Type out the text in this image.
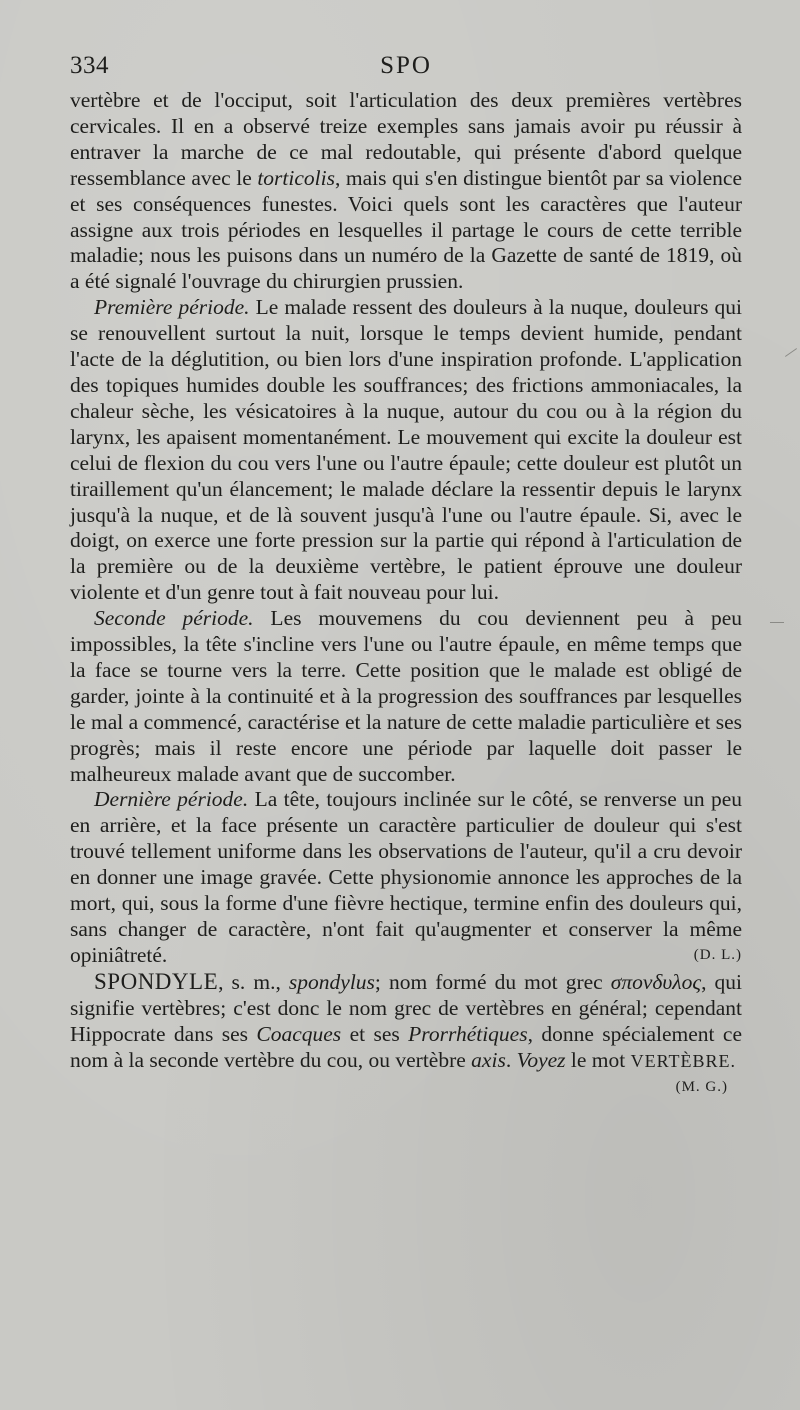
334	SPO

vertèbre et de l'occiput, soit l'articulation des deux premières vertèbres cervicales. Il en a observé treize exemples sans jamais avoir pu réussir à entraver la marche de ce mal redoutable, qui présente d'abord quelque ressemblance avec le torticolis, mais qui s'en distingue bientôt par sa violence et ses conséquences funestes. Voici quels sont les caractères que l'auteur assigne aux trois périodes en lesquelles il partage le cours de cette terrible maladie; nous les puisons dans un numéro de la Gazette de santé de 1819, où a été signalé l'ouvrage du chirurgien prussien.

Première période. Le malade ressent des douleurs à la nuque, douleurs qui se renouvellent surtout la nuit, lorsque le temps devient humide, pendant l'acte de la déglutition, ou bien lors d'une inspiration profonde. L'application des topiques humides double les souffrances; des frictions ammoniacales, la chaleur sèche, les vésicatoires à la nuque, autour du cou ou à la région du larynx, les apaisent momentanément. Le mouvement qui excite la douleur est celui de flexion du cou vers l'une ou l'autre épaule; cette douleur est plutôt un tiraillement qu'un élancement; le malade déclare la ressentir depuis le larynx jusqu'à la nuque, et de là souvent jusqu'à l'une ou l'autre épaule. Si, avec le doigt, on exerce une forte pression sur la partie qui répond à l'articulation de la première ou de la deuxième vertèbre, le patient éprouve une douleur violente et d'un genre tout à fait nouveau pour lui.

Seconde période. Les mouvemens du cou deviennent peu à peu impossibles, la tête s'incline vers l'une ou l'autre épaule, en même temps que la face se tourne vers la terre. Cette position que le malade est obligé de garder, jointe à la continuité et à la progression des souffrances par lesquelles le mal a commencé, caractérise et la nature de cette maladie particulière et ses progrès; mais il reste encore une période par laquelle doit passer le malheureux malade avant que de succomber.

Dernière période. La tête, toujours inclinée sur le côté, se renverse un peu en arrière, et la face présente un caractère particulier de douleur qui s'est trouvé tellement uniforme dans les observations de l'auteur, qu'il a cru devoir en donner une image gravée. Cette physionomie annonce les approches de la mort, qui, sous la forme d'une fièvre hectique, termine enfin des douleurs qui, sans changer de caractère, n'ont fait qu'augmenter et conserver la même opiniâtreté.	(D. L.)

SPONDYLE, s. m., spondylus; nom formé du mot grec σπονδυλος, qui signifie vertèbres; c'est donc le nom grec de vertèbres en général; cependant Hippocrate dans ses Coacques et ses Prorrhétiques, donne spécialement ce nom à la seconde vertèbre du cou, ou vertèbre axis. Voyez le mot VERTÈBRE.

(M. G.)
